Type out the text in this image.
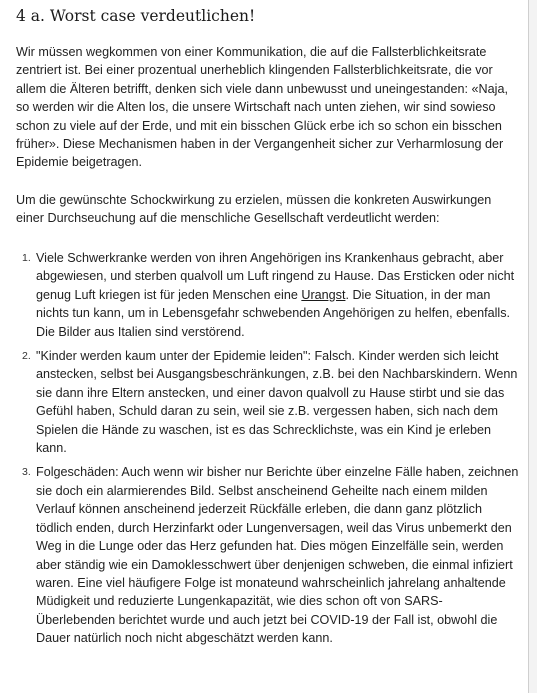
4 a. Worst case verdeutlichen!

Wir müssen wegkommen von einer Kommunikation, die auf die Fallsterblichkeitsrate zentriert ist. Bei einer prozentual unerheblich klingenden Fallsterblichkeitsrate, die vor allem die Älteren betrifft, denken sich viele dann unbewusst und uneingestanden: «Naja, so werden wir die Alten los, die unsere Wirtschaft nach unten ziehen, wir sind sowieso schon zu viele auf der Erde, und mit ein bisschen Glück erbe ich so schon ein bisschen früher». Diese Mechanismen haben in der Vergangenheit sicher zur Verharmlosung der Epidemie beigetragen.

Um die gewünschte Schockwirkung zu erzielen, müssen die konkreten Auswirkungen einer Durchseuchung auf die menschliche Gesellschaft verdeutlicht werden:

1. Viele Schwerkranke werden von ihren Angehörigen ins Krankenhaus gebracht, aber abgewiesen, und sterben qualvoll um Luft ringend zu Hause. Das Ersticken oder nicht genug Luft kriegen ist für jeden Menschen eine Urangst. Die Situation, in der man nichts tun kann, um in Lebensgefahr schwebenden Angehörigen zu helfen, ebenfalls. Die Bilder aus Italien sind verstörend.
2. "Kinder werden kaum unter der Epidemie leiden": Falsch. Kinder werden sich leicht anstecken, selbst bei Ausgangsbeschränkungen, z.B. bei den Nachbarskindern. Wenn sie dann ihre Eltern anstecken, und einer davon qualvoll zu Hause stirbt und sie das Gefühl haben, Schuld daran zu sein, weil sie z.B. vergessen haben, sich nach dem Spielen die Hände zu waschen, ist es das Schrecklichste, was ein Kind je erleben kann.
3. Folgeschäden: Auch wenn wir bisher nur Berichte über einzelne Fälle haben, zeichnen sie doch ein alarmierendes Bild. Selbst anscheinend Geheilte nach einem milden Verlauf können anscheinend jederzeit Rückfälle erleben, die dann ganz plötzlich tödlich enden, durch Herzinfarkt oder Lungenversagen, weil das Virus unbemerkt den Weg in die Lunge oder das Herz gefunden hat. Dies mögen Einzelfälle sein, werden aber ständig wie ein Damoklesschwert über denjenigen schweben, die einmal infiziert waren. Eine viel häufigere Folge ist monateund wahrscheinlich jahrelang anhaltende Müdigkeit und reduzierte Lungenkapazität, wie dies schon oft von SARS-Überlebenden berichtet wurde und auch jetzt bei COVID-19 der Fall ist, obwohl die Dauer natürlich noch nicht abgeschätzt werden kann.
